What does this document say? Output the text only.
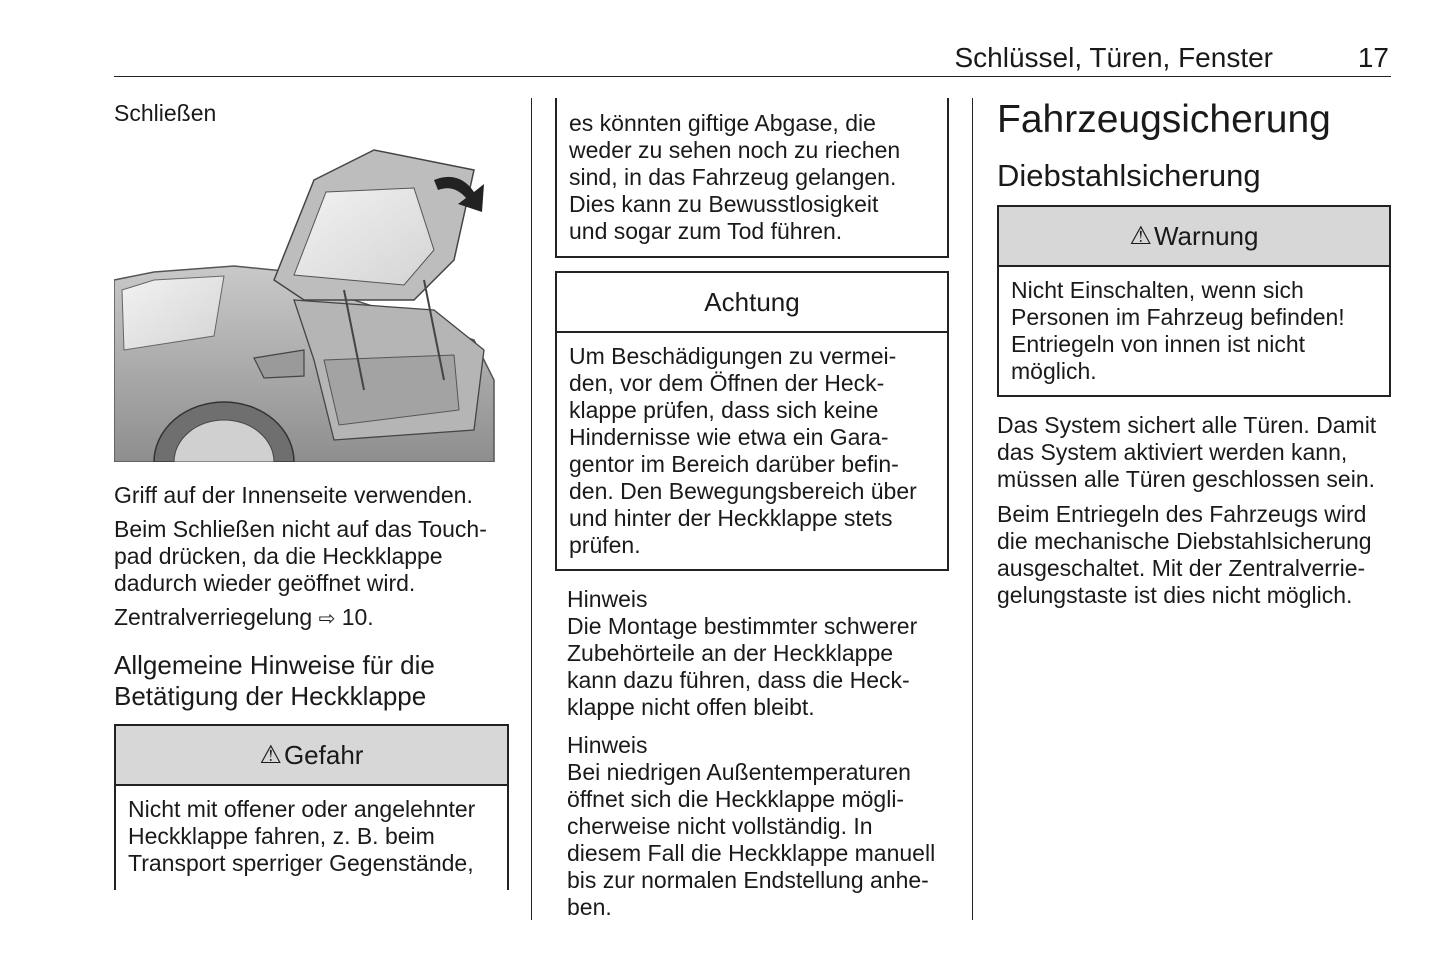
Schlüssel, Türen, Fenster	17

Schließen

Griff auf der Innenseite verwenden.

Beim Schließen nicht auf das Touch-

pad drücken, da die Heckklappe

dadurch wieder geöffnet wird.

Zentralverriegelung ⇨ 10.

Allgemeine Hinweise für die

Betätigung der Heckklappe

⚠ Gefahr
Nicht mit offener oder angelehnter
Heckklappe fahren, z. B. beim
Transport sperriger Gegenstände,
es könnten giftige Abgase, die
weder zu sehen noch zu riechen
sind, in das Fahrzeug gelangen.
Dies kann zu Bewusstlosigkeit
und sogar zum Tod führen.
Achtung
Um Beschädigungen zu vermei-
den, vor dem Öffnen der Heck-
klappe prüfen, dass sich keine
Hindernisse wie etwa ein Gara-
gentor im Bereich darüber befin-
den. Den Bewegungsbereich über
und hinter der Heckklappe stets
prüfen.

Hinweis

Die Montage bestimmter schwerer

Zubehörteile an der Heckklappe

kann dazu führen, dass die Heck-

klappe nicht offen bleibt.

Hinweis

Bei niedrigen Außentemperaturen

öffnet sich die Heckklappe mögli-

cherweise nicht vollständig. In

diesem Fall die Heckklappe manuell

bis zur normalen Endstellung anhe-

ben.

Fahrzeugsicherung

Diebstahlsicherung

⚠ Warnung
Nicht Einschalten, wenn sich
Personen im Fahrzeug befinden!
Entriegeln von innen ist nicht
möglich.

Das System sichert alle Türen. Damit

das System aktiviert werden kann,

müssen alle Türen geschlossen sein.

Beim Entriegeln des Fahrzeugs wird

die mechanische Diebstahlsicherung

ausgeschaltet. Mit der Zentralverrie-

gelungstaste ist dies nicht möglich.
